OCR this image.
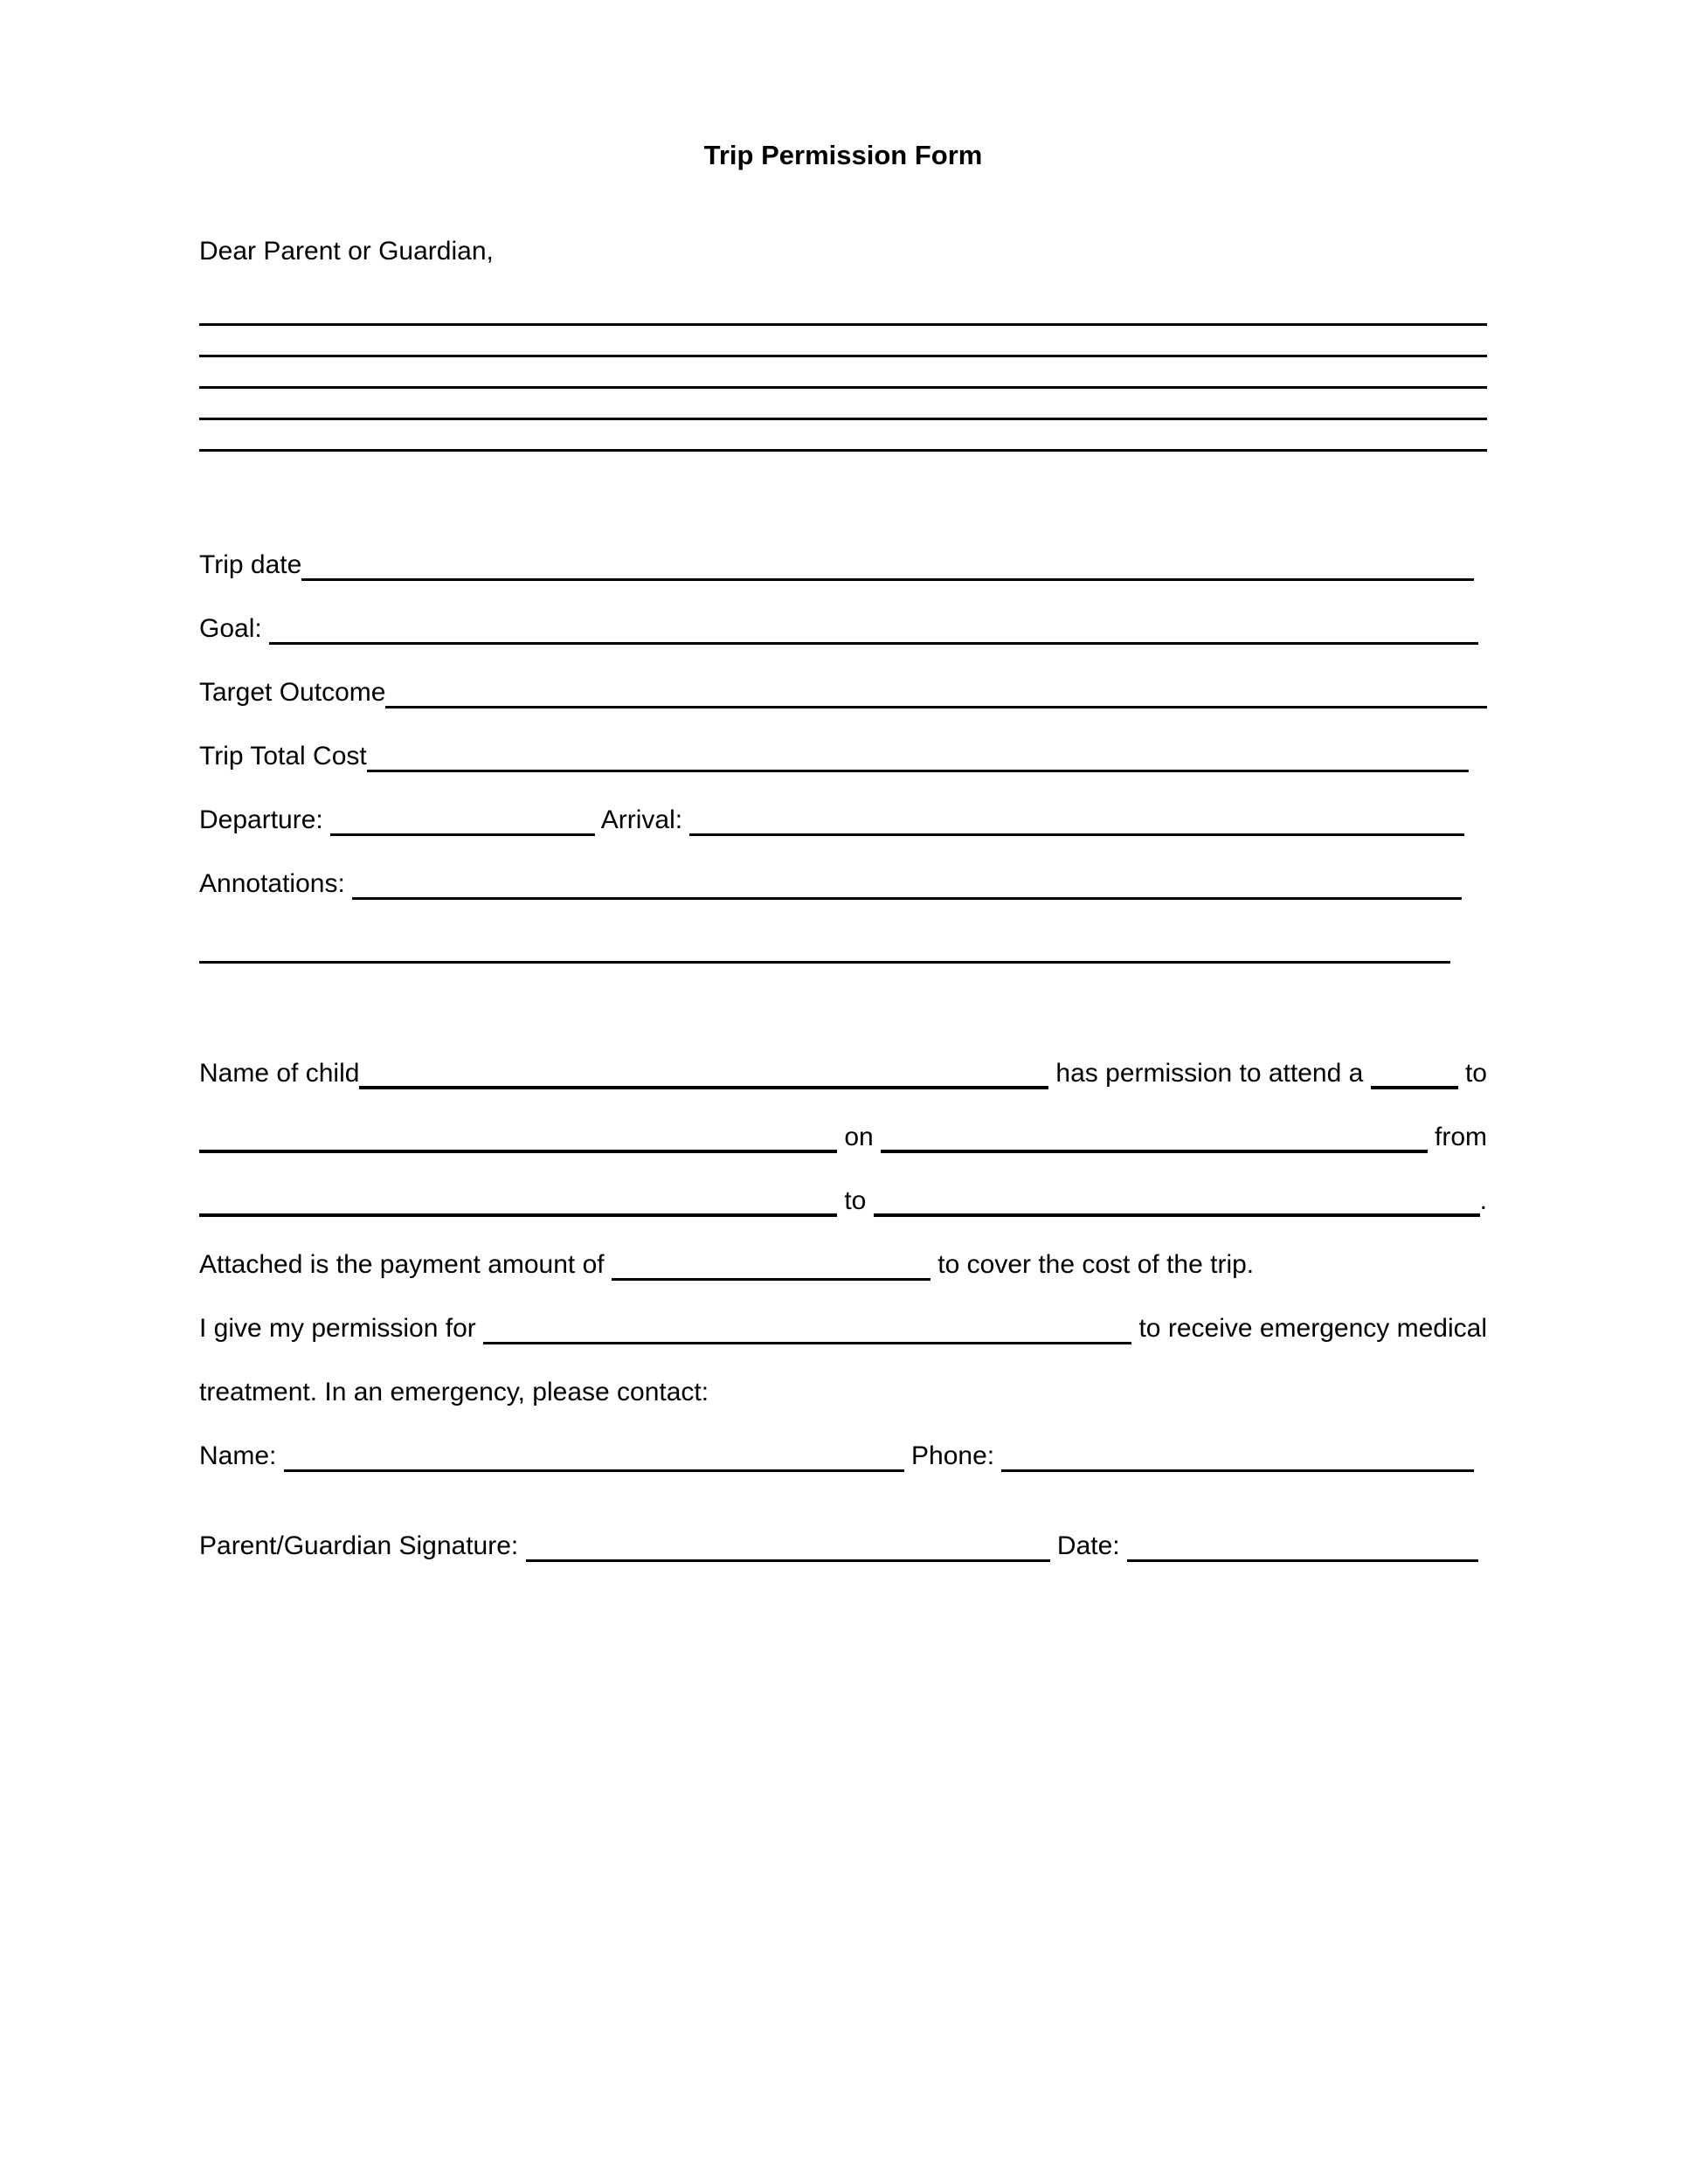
Trip Permission Form
Dear Parent or Guardian,
Trip date
Goal:
Target Outcome
Trip Total Cost
Departure:	Arrival:
Annotations:
Name of child	has permission to attend a	to
on	from
to	.
Attached is the payment amount of	to cover the cost of the trip.
I give my permission for	to receive emergency medical
treatment. In an emergency, please contact:
Name:	Phone:
Parent/Guardian Signature:	Date:
